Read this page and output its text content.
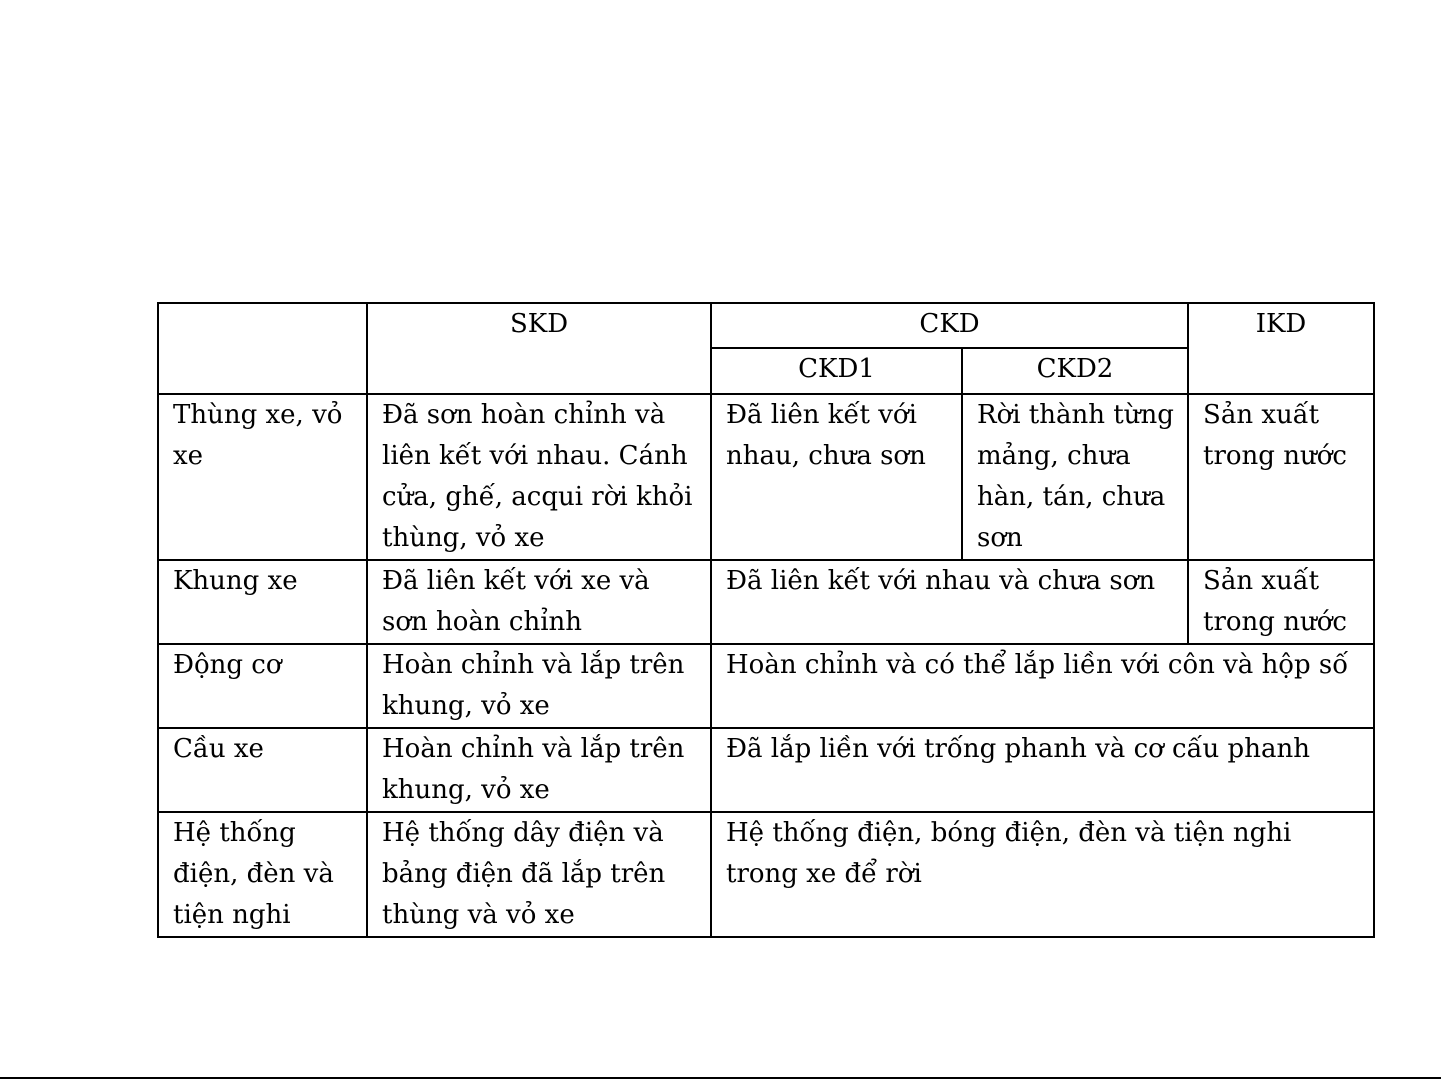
	SKD	CKD		IKD
		CKD1	CKD2	
Thùng xe, vỏ xe	Đã sơn hoàn chỉnh và liên kết với nhau. Cánh cửa, ghế, acqui rời khỏi thùng, vỏ xe	Đã liên kết với nhau, chưa sơn	Rời thành từng mảng, chưa hàn, tán, chưa sơn	Sản xuất trong nước
Khung xe	Đã liên kết với xe và sơn hoàn chỉnh	Đã liên kết với nhau và chưa sơn		Sản xuất trong nước
Động cơ	Hoàn chỉnh và lắp trên khung, vỏ xe	Hoàn chỉnh và có thể lắp liền với côn và hộp số		
Cầu xe	Hoàn chỉnh và lắp trên khung, vỏ xe	Đã lắp liền với trống phanh và cơ cấu phanh		
Hệ thống điện, đèn và tiện nghi	Hệ thống dây điện và bảng điện đã lắp trên thùng và vỏ xe	Hệ thống điện, bóng điện, đèn và tiện nghi trong xe để rời		
